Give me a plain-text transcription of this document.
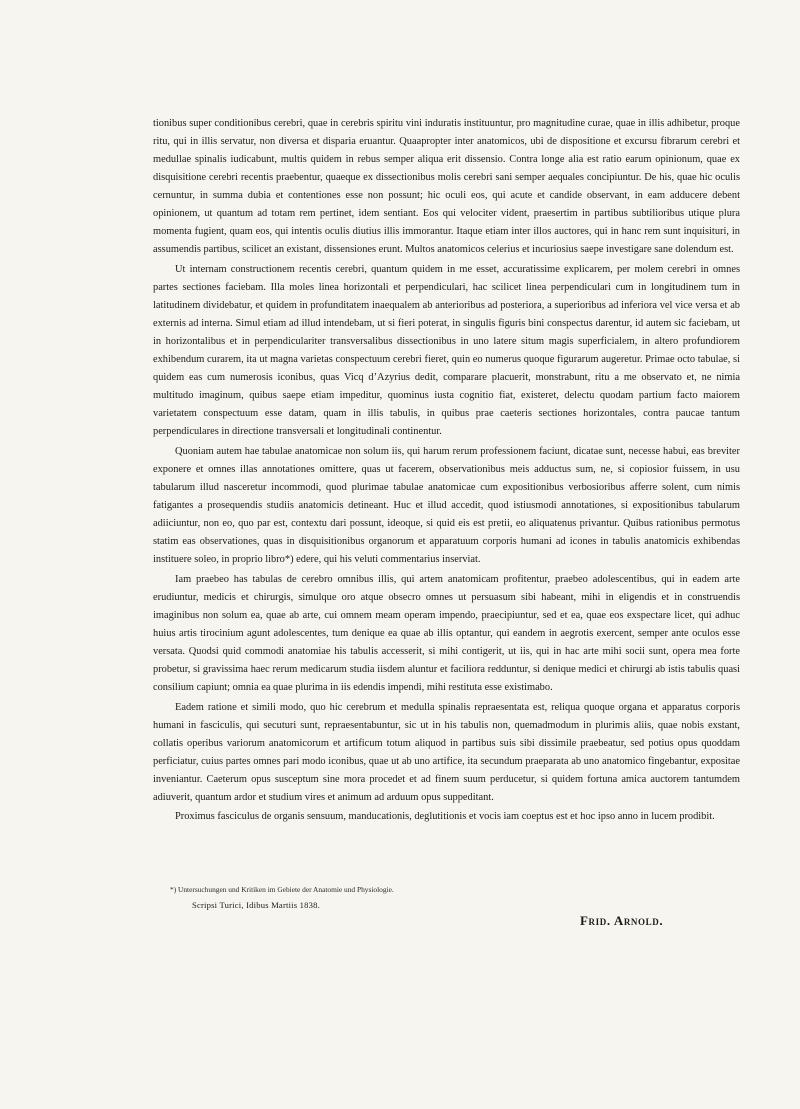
tionibus super conditionibus cerebri, quae in cerebris spiritu vini induratis instituuntur, pro magnitudine curae, quae in illis adhibetur, proque ritu, qui in illis servatur, non diversa et disparia eruantur. Quaapropter inter anatomicos, ubi de dispositione et excursu fibrarum cerebri et medullae spinalis iudicabunt, multis quidem in rebus semper aliqua erit dissensio. Contra longe alia est ratio earum opinionum, quae ex disquisitione cerebri recentis praebentur, quaeque ex dissectionibus molis cerebri sani semper aequales concipiuntur. De his, quae hic oculis cernuntur, in summa dubia et contentiones esse non possunt; hic oculi eos, qui acute et candide observant, in eam adducere debent opinionem, ut quantum ad totam rem pertinet, idem sentiant. Eos qui velociter vident, praesertim in partibus subtilioribus utique plura momenta fugient, quam eos, qui intentis oculis diutius illis immorantur. Itaque etiam inter illos auctores, qui in hanc rem sunt inquisituri, in assumendis partibus, scilicet an existant, dissensiones erunt. Multos anatomicos celerius et incuriosius saepe investigare sane dolendum est.

Ut internam constructionem recentis cerebri, quantum quidem in me esset, accuratissime explicarem, per molem cerebri in omnes partes sectiones faciebam. Illa moles linea horizontali et perpendiculari, hac scilicet linea perpendiculari cum in longitudinem tum in latitudinem dividebatur, et quidem in profunditatem inaequalem ab anterioribus ad posteriora, a superioribus ad inferiora vel vice versa et ab externis ad interna. Simul etiam ad illud intendebam, ut si fieri poterat, in singulis figuris bini conspectus darentur, id autem sic faciebam, ut in horizontalibus et in perpendiculariter transversalibus dissectionibus in uno latere situm magis superficialem, in altero profundiorem exhibendum curarem, ita ut magna varietas conspectuum cerebri fieret, quin eo numerus quoque figurarum augeretur. Primae octo tabulae, si quidem eas cum numerosis iconibus, quas Vicq d’Azyrius dedit, comparare placuerit, monstrabunt, ritu a me observato et, ne nimia multitudo imaginum, quibus saepe etiam impeditur, quominus iusta cognitio fiat, existeret, delectu quodam partium facto maiorem varietatem conspectuum esse datam, quam in illis tabulis, in quibus prae caeteris sectiones horizontales, contra paucae tantum perpendiculares in directione transversali et longitudinali continentur.

Quoniam autem hae tabulae anatomicae non solum iis, qui harum rerum professionem faciunt, dicatae sunt, necesse habui, eas breviter exponere et omnes illas annotationes omittere, quas ut facerem, observationibus meis adductus sum, ne, si copiosior fuissem, in usu tabularum illud nasceretur incommodi, quod plurimae tabulae anatomicae cum expositionibus verbosioribus afferre solent, cum nimis fatigantes a prosequendis studiis anatomicis detineant. Huc et illud accedit, quod istiusmodi annotationes, si expositionibus tabularum adiiciuntur, non eo, quo par est, contextu dari possunt, ideoque, si quid eis est pretii, eo aliquatenus privantur. Quibus rationibus permotus statim eas observationes, quas in disquisitionibus organorum et apparatuum corporis humani ad icones in tabulis anatomicis exhibendas instituere soleo, in proprio libro*) edere, qui his veluti commentarius inserviat.

Iam praebeo has tabulas de cerebro omnibus illis, qui artem anatomicam profitentur, praebeo adolescentibus, qui in eadem arte erudiuntur, medicis et chirurgis, simulque oro atque obsecro omnes ut persuasum sibi habeant, mihi in eligendis et in construendis imaginibus non solum ea, quae ab arte, cui omnem meam operam impendo, praecipiuntur, sed et ea, quae eos exspectare licet, qui adhuc huius artis tirocinium agunt adolescentes, tum denique ea quae ab illis optantur, qui eandem in aegrotis exercent, semper ante oculos esse versata. Quodsi quid commodi anatomiae his tabulis accesserit, si mihi contigerit, ut iis, qui in hac arte mihi socii sunt, opera mea forte probetur, si gravissima haec rerum medicarum studia iisdem aluntur et faciliora redduntur, si denique medici et chirurgi ab istis tabulis quasi consilium capiunt; omnia ea quae plurima in iis edendis impendi, mihi restituta esse existimabo.

Eadem ratione et simili modo, quo hic cerebrum et medulla spinalis repraesentata est, reliqua quoque organa et apparatus corporis humani in fasciculis, qui secuturi sunt, repraesentabuntur, sic ut in his tabulis non, quemadmodum in plurimis aliis, quae nobis exstant, collatis operibus variorum anatomicorum et artificum totum aliquod in partibus suis sibi dissimile praebeatur, sed potius opus quoddam perficiatur, cuius partes omnes pari modo iconibus, quae ut ab uno artifice, ita secundum praeparata ab uno anatomico fingebantur, expositae inveniantur. Caeterum opus susceptum sine mora procedet et ad finem suum perducetur, si quidem fortuna amica auctorem tantumdem adiuverit, quantum ardor et studium vires et animum ad arduum opus suppeditant.

Proximus fasciculus de organis sensuum, manducationis, deglutitionis et vocis iam coeptus est et hoc ipso anno in lucem prodibit.

*) Untersuchungen und Kritiken im Gebiete der Anatomie und Physiologie.
Scripsi Turici, Idibus Martiis 1838.
Frid. Arnold.
